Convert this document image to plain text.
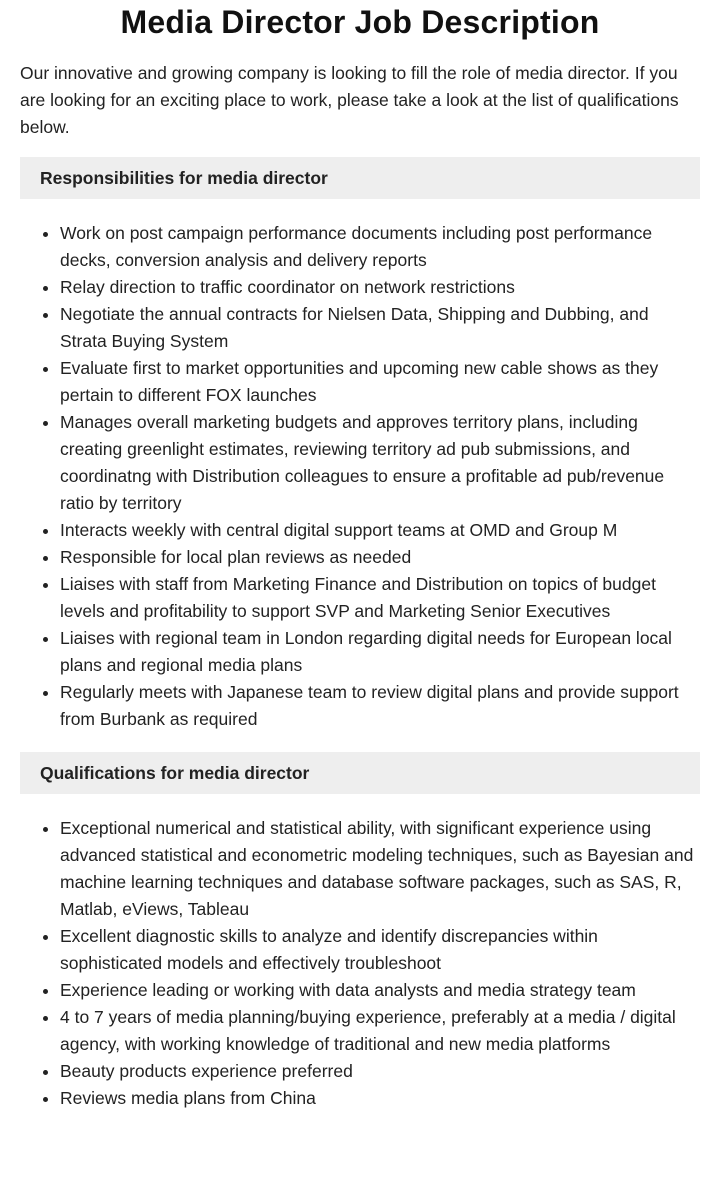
Media Director Job Description

Our innovative and growing company is looking to fill the role of media director. If you are looking for an exciting place to work, please take a look at the list of qualifications below.

Responsibilities for media director
• Work on post campaign performance documents including post performance decks, conversion analysis and delivery reports
• Relay direction to traffic coordinator on network restrictions
• Negotiate the annual contracts for Nielsen Data, Shipping and Dubbing, and Strata Buying System
• Evaluate first to market opportunities and upcoming new cable shows as they pertain to different FOX launches
• Manages overall marketing budgets and approves territory plans, including creating greenlight estimates, reviewing territory ad pub submissions, and coordinatng with Distribution colleagues to ensure a profitable ad pub/revenue ratio by territory
• Interacts weekly with central digital support teams at OMD and Group M
• Responsible for local plan reviews as needed
• Liaises with staff from Marketing Finance and Distribution on topics of budget levels and profitability to support SVP and Marketing Senior Executives
• Liaises with regional team in London regarding digital needs for European local plans and regional media plans
• Regularly meets with Japanese team to review digital plans and provide support from Burbank as required
Qualifications for media director
• Exceptional numerical and statistical ability, with significant experience using advanced statistical and econometric modeling techniques, such as Bayesian and machine learning techniques and database software packages, such as SAS, R, Matlab, eViews, Tableau
• Excellent diagnostic skills to analyze and identify discrepancies within sophisticated models and effectively troubleshoot
• Experience leading or working with data analysts and media strategy team
• 4 to 7 years of media planning/buying experience, preferably at a media / digital agency, with working knowledge of traditional and new media platforms
• Beauty products experience preferred
• Reviews media plans from China
